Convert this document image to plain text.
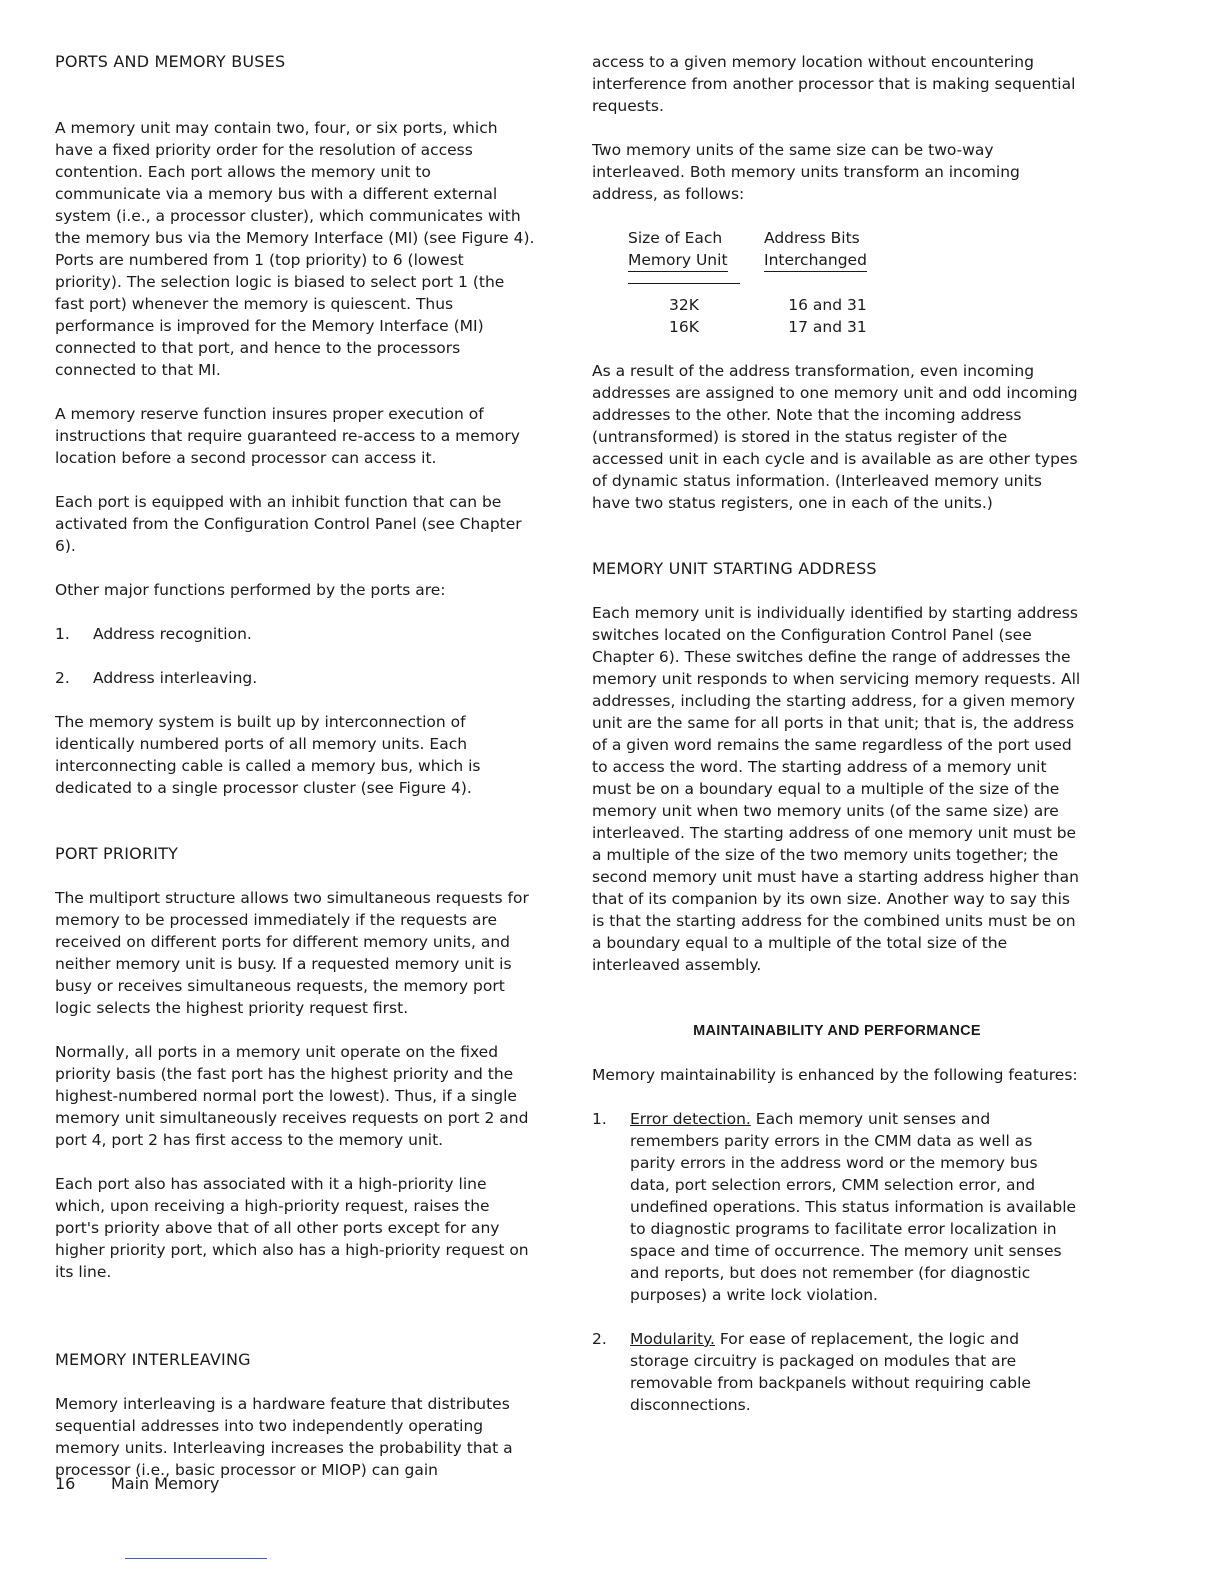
PORTS AND MEMORY BUSES

A memory unit may contain two, four, or six ports, which have a fixed priority order for the resolution of access contention. Each port allows the memory unit to communicate via a memory bus with a different external system (i.e., a processor cluster), which communicates with the memory bus via the Memory Interface (MI) (see Figure 4). Ports are numbered from 1 (top priority) to 6 (lowest priority). The selection logic is biased to select port 1 (the fast port) whenever the memory is quiescent. Thus performance is improved for the Memory Interface (MI) connected to that port, and hence to the processors connected to that MI.

A memory reserve function insures proper execution of instructions that require guaranteed re-access to a memory location before a second processor can access it.

Each port is equipped with an inhibit function that can be activated from the Configuration Control Panel (see Chapter 6).

Other major functions performed by the ports are:

1.	Address recognition.
2.	Address interleaving.

The memory system is built up by interconnection of identically numbered ports of all memory units. Each interconnecting cable is called a memory bus, which is dedicated to a single processor cluster (see Figure 4).

PORT PRIORITY

The multiport structure allows two simultaneous requests for memory to be processed immediately if the requests are received on different ports for different memory units, and neither memory unit is busy. If a requested memory unit is busy or receives simultaneous requests, the memory port logic selects the highest priority request first.

Normally, all ports in a memory unit operate on the fixed priority basis (the fast port has the highest priority and the highest-numbered normal port the lowest). Thus, if a single memory unit simultaneously receives requests on port 2 and port 4, port 2 has first access to the memory unit.

Each port also has associated with it a high-priority line which, upon receiving a high-priority request, raises the port's priority above that of all other ports except for any higher priority port, which also has a high-priority request on its line.

MEMORY INTERLEAVING

Memory interleaving is a hardware feature that distributes sequential addresses into two independently operating memory units. Interleaving increases the probability that a processor (i.e., basic processor or MIOP) can gain

access to a given memory location without encountering interference from another processor that is making sequential requests.

Two memory units of the same size can be two-way interleaved. Both memory units transform an incoming address, as follows:

Size of Each
Memory Unit	Address Bits
Interchanged

32K	16 and 31
16K	17 and 31

As a result of the address transformation, even incoming addresses are assigned to one memory unit and odd incoming addresses to the other. Note that the incoming address (untransformed) is stored in the status register of the accessed unit in each cycle and is available as are other types of dynamic status information. (Interleaved memory units have two status registers, one in each of the units.)

MEMORY UNIT STARTING ADDRESS

Each memory unit is individually identified by starting address switches located on the Configuration Control Panel (see Chapter 6). These switches define the range of addresses the memory unit responds to when servicing memory requests. All addresses, including the starting address, for a given memory unit are the same for all ports in that unit; that is, the address of a given word remains the same regardless of the port used to access the word. The starting address of a memory unit must be on a boundary equal to a multiple of the size of the memory unit when two memory units (of the same size) are interleaved. The starting address of one memory unit must be a multiple of the size of the two memory units together; the second memory unit must have a starting address higher than that of its companion by its own size. Another way to say this is that the starting address for the combined units must be on a boundary equal to a multiple of the total size of the interleaved assembly.

MAINTAINABILITY AND PERFORMANCE

Memory maintainability is enhanced by the following features:

1.	Error detection. Each memory unit senses and remembers parity errors in the CMM data as well as parity errors in the address word or the memory bus data, port selection errors, CMM selection error, and undefined operations. This status information is available to diagnostic programs to facilitate error localization in space and time of occurrence. The memory unit senses and reports, but does not remember (for diagnostic purposes) a write lock violation.
2.	Modularity. For ease of replacement, the logic and storage circuitry is packaged on modules that are removable from backpanels without requiring cable disconnections.
16 Main Memory
